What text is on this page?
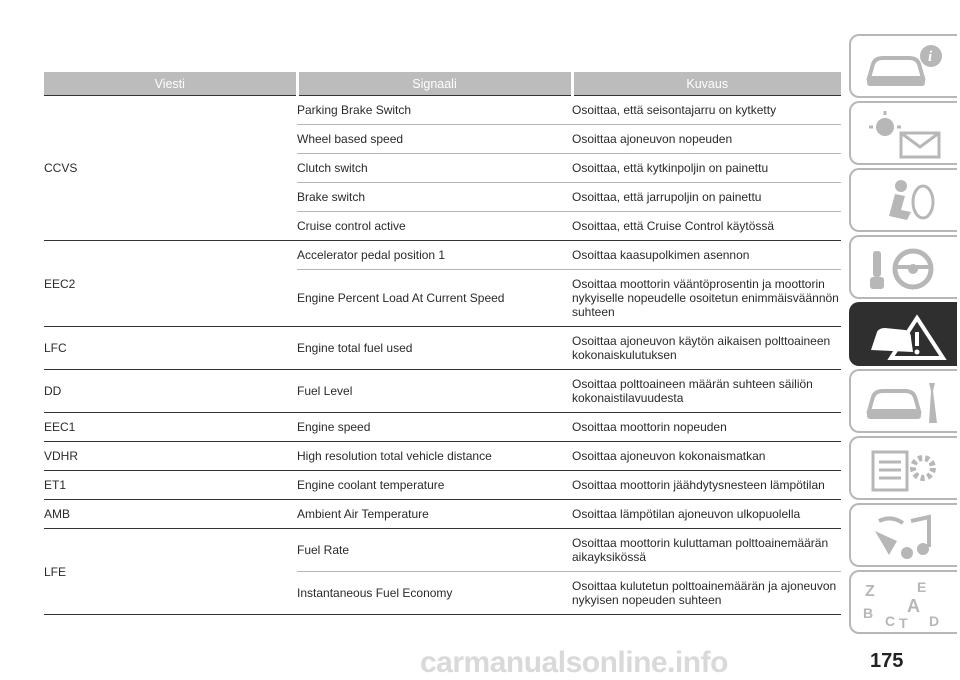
Viesti	Signaali	Kuvaus
CCVS	Parking Brake Switch	Osoittaa, että seisontajarru on kytketty
	Wheel based speed	Osoittaa ajoneuvon nopeuden
	Clutch switch	Osoittaa, että kytkinpoljin on painettu
	Brake switch	Osoittaa, että jarrupoljin on painettu
	Cruise control active	Osoittaa, että Cruise Control käytössä
EEC2	Accelerator pedal position 1	Osoittaa kaasupolkimen asennon
	Engine Percent Load At Current Speed	Osoittaa moottorin vääntöprosentin ja moottorin nykyiselle nopeudelle osoitetun enimmäisväännön suhteen
LFC	Engine total fuel used	Osoittaa ajoneuvon käytön aikaisen polttoaineen kokonaiskulutuksen
DD	Fuel Level	Osoittaa polttoaineen määrän suhteen säiliön kokonaistilavuudesta
EEC1	Engine speed	Osoittaa moottorin nopeuden
VDHR	High resolution total vehicle distance	Osoittaa ajoneuvon kokonaismatkan
ET1	Engine coolant temperature	Osoittaa moottorin jäähdytysnesteen lämpötilan
AMB	Ambient Air Temperature	Osoittaa lämpötilan ajoneuvon ulkopuolella
LFE	Fuel Rate	Osoittaa moottorin kuluttaman polttoainemäärän aikayksikössä
	Instantaneous Fuel Economy	Osoittaa kulutetun polttoainemäärän ja ajoneuvon nykyisen nopeuden suhteen
i
Z	E
A
B C T D
carmanualsonline.info	175
